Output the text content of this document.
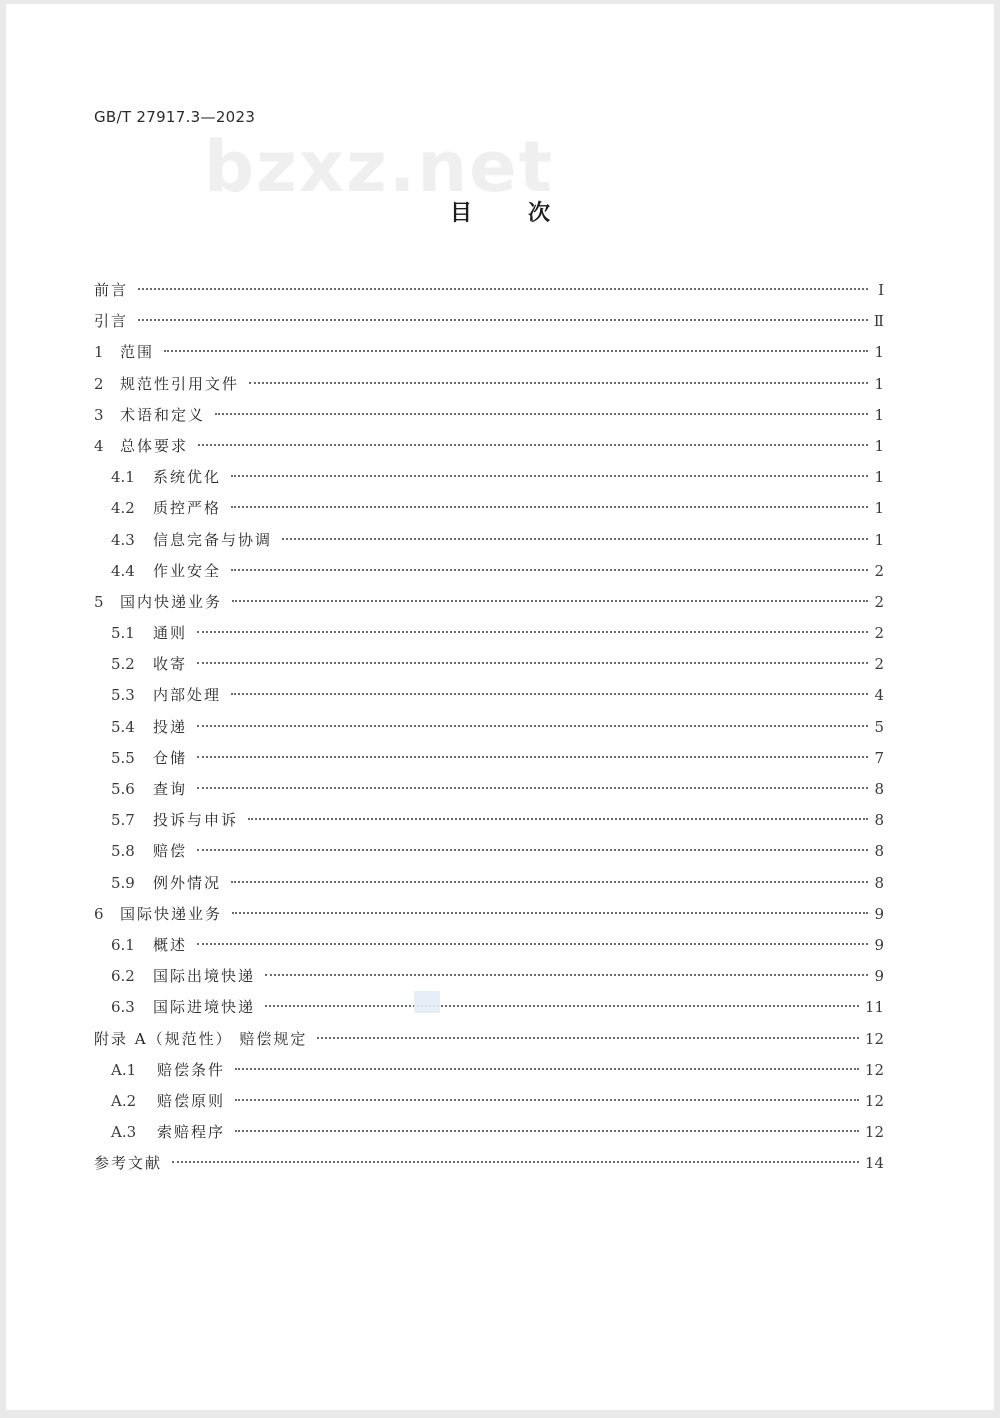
GB/T 27917.3—2023
bzxz.net
目次
前言	Ⅰ
引言	Ⅱ
1	范围	1
2	规范性引用文件	1
3	术语和定义	1
4	总体要求	1
4.1	系统优化	1
4.2	质控严格	1
4.3	信息完备与协调	1
4.4	作业安全	2
5	国内快递业务	2
5.1	通则	2
5.2	收寄	2
5.3	内部处理	4
5.4	投递	5
5.5	仓储	7
5.6	查询	8
5.7	投诉与申诉	8
5.8	赔偿	8
5.9	例外情况	8
6	国际快递业务	9
6.1	概述	9
6.2	国际出境快递	9
6.3	国际进境快递	11
附录 A（规范性） 赔偿规定	12
A.1	赔偿条件	12
A.2	赔偿原则	12
A.3	索赔程序	12
参考文献	14
